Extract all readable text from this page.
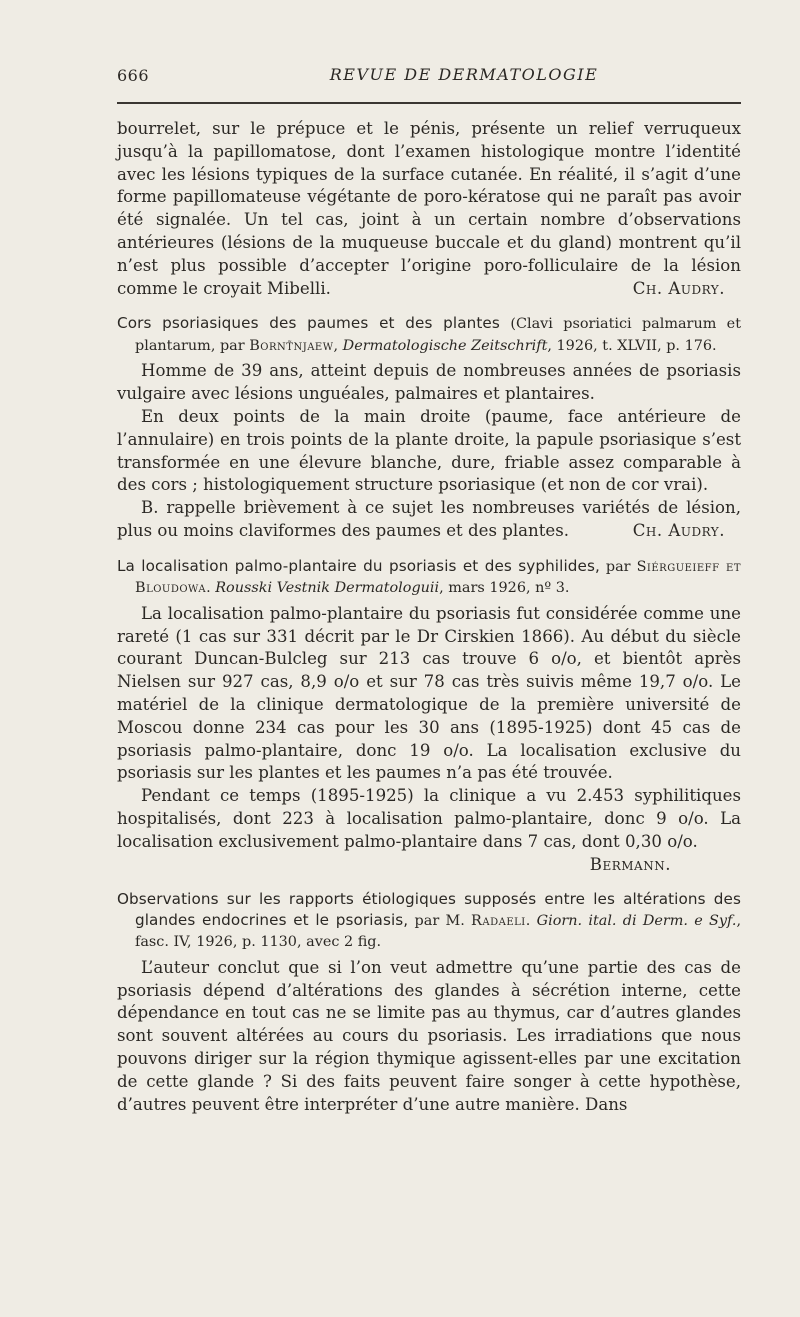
666	REVUE DE DERMATOLOGIE

bourrelet, sur le prépuce et le pénis, présente un relief verruqueux jusqu’à la papillomatose, dont l’examen histologique montre l’identité avec les lésions typiques de la surface cutanée. En réalité, il s’agit d’une forme papillomateuse végétante de poro-kératose qui ne paraît pas avoir été signalée. Un tel cas, joint à un certain nombre d’observations antérieures (lésions de la muqueuse buccale et du gland) montrent qu’il n’est plus possible d’accepter l’origine poro-folliculaire de la lésion comme le croyait Mibelli.	Ch. Audry.

Cors psoriasiques des paumes et des plantes (Clavi psoriatici palmarum et plantarum, par Bornt̃njaew, Dermatologische Zeitschrift, 1926, t. XLVII, p. 176.

Homme de 39 ans, atteint depuis de nombreuses années de psoriasis vulgaire avec lésions unguéales, palmaires et plantaires.

En deux points de la main droite (paume, face antérieure de l’annulaire) en trois points de la plante droite, la papule psoriasique s’est transformée en une élevure blanche, dure, friable assez comparable à des cors ; histologiquement structure psoriasique (et non de cor vrai).

B. rappelle brièvement à ce sujet les nombreuses variétés de lésion, plus ou moins claviformes des paumes et des plantes.	Ch. Audry.

La localisation palmo-plantaire du psoriasis et des syphilides, par Siérgueieff et Bloudowa. Rousski Vestnik Dermatologuii, mars 1926, nº 3.

La localisation palmo-plantaire du psoriasis fut considérée comme une rareté (1 cas sur 331 décrit par le Dr Cirskien 1866). Au début du siècle courant Duncan-Bulcleg sur 213 cas trouve 6 o/o, et bientôt après Nielsen sur 927 cas, 8,9 o/o et sur 78 cas très suivis même 19,7 o/o. Le matériel de la clinique dermatologique de la première université de Moscou donne 234 cas pour les 30 ans (1895-1925) dont 45 cas de psoriasis palmo-plantaire, donc 19 o/o. La localisation exclusive du psoriasis sur les plantes et les paumes n’a pas été trouvée.

Pendant ce temps (1895-1925) la clinique a vu 2.453 syphilitiques hospitalisés, dont 223 à localisation palmo-plantaire, donc 9 o/o. La localisation exclusivement palmo-plantaire dans 7 cas, dont 0,30 o/o.

Bermann.

Observations sur les rapports étiologiques supposés entre les altérations des glandes endocrines et le psoriasis, par M. Radaeli. Giorn. ital. di Derm. e Syf., fasc. IV, 1926, p. 1130, avec 2 fig.

L’auteur conclut que si l’on veut admettre qu’une partie des cas de psoriasis dépend d’altérations des glandes à sécrétion interne, cette dépendance en tout cas ne se limite pas au thymus, car d’autres glandes sont souvent altérées au cours du psoriasis. Les irradiations que nous pouvons diriger sur la région thymique agissent-elles par une excitation de cette glande ? Si des faits peuvent faire songer à cette hypothèse, d’autres peuvent être interpréter d’une autre manière. Dans
